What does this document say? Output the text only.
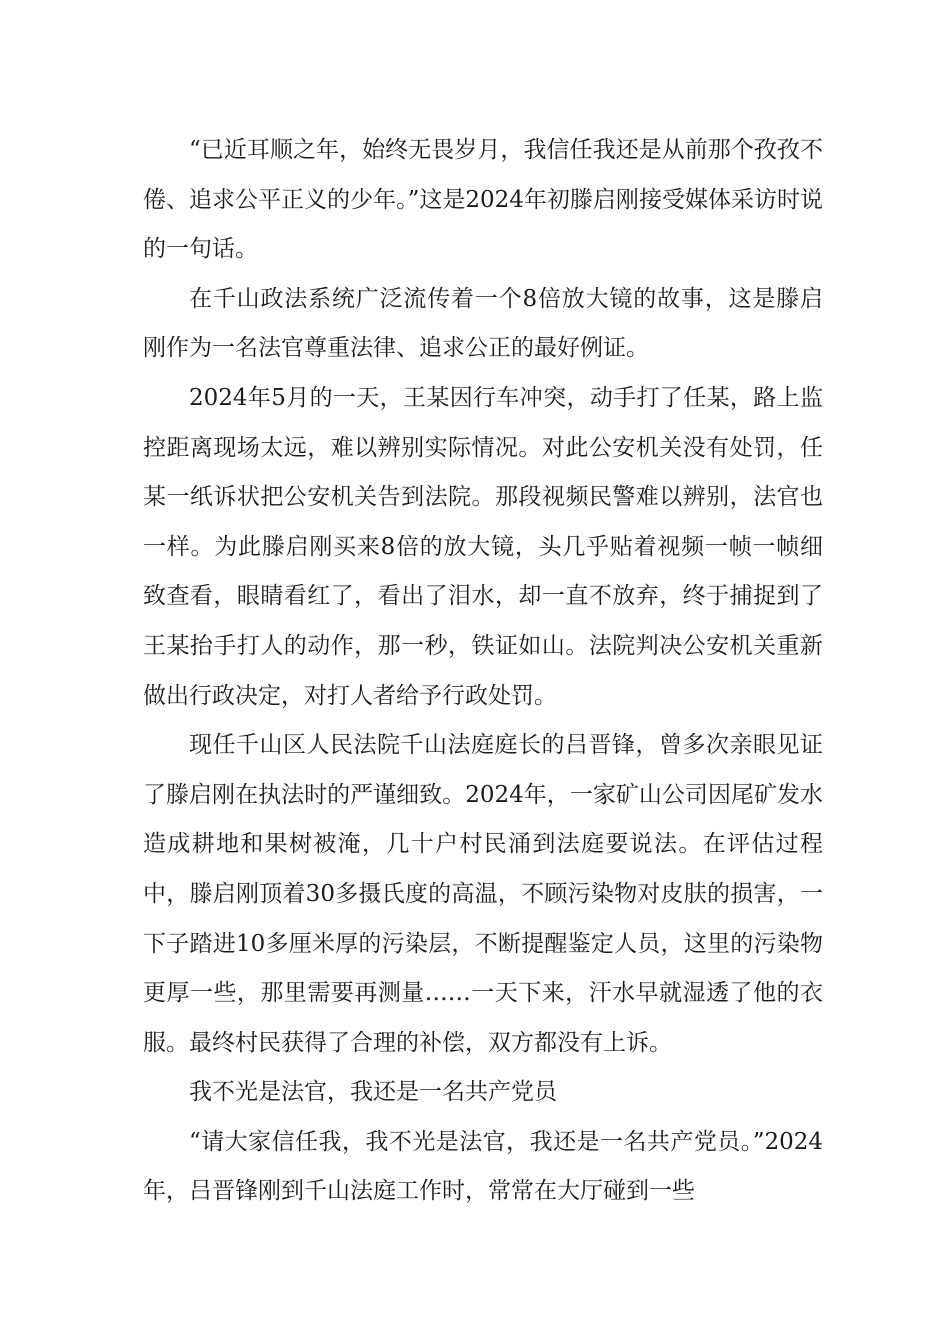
“已近耳顺之年，始终无畏岁月，我信任我还是从前那个孜孜不倦、追求公平正义的少年。”这是2024年初滕启刚接受媒体采访时说的一句话。

在千山政法系统广泛流传着一个8倍放大镜的故事，这是滕启刚作为一名法官尊重法律、追求公正的最好例证。

2024年5月的一天，王某因行车冲突，动手打了任某，路上监控距离现场太远，难以辨别实际情况。对此公安机关没有处罚，任某一纸诉状把公安机关告到法院。那段视频民警难以辨别，法官也一样。为此滕启刚买来8倍的放大镜，头几乎贴着视频一帧一帧细致查看，眼睛看红了，看出了泪水，却一直不放弃，终于捕捉到了王某抬手打人的动作，那一秒，铁证如山。法院判决公安机关重新做出行政决定，对打人者给予行政处罚。

现任千山区人民法院千山法庭庭长的吕晋锋，曾多次亲眼见证了滕启刚在执法时的严谨细致。2024年，一家矿山公司因尾矿发水造成耕地和果树被淹，几十户村民涌到法庭要说法。在评估过程中，滕启刚顶着30多摄氏度的高温，不顾污染物对皮肤的损害，一下子踏进10多厘米厚的污染层，不断提醒鉴定人员，这里的污染物更厚一些，那里需要再测量……一天下来，汗水早就湿透了他的衣服。最终村民获得了合理的补偿，双方都没有上诉。

我不光是法官，我还是一名共产党员

“请大家信任我，我不光是法官，我还是一名共产党员。”2024年，吕晋锋刚到千山法庭工作时，常常在大厅碰到一些
